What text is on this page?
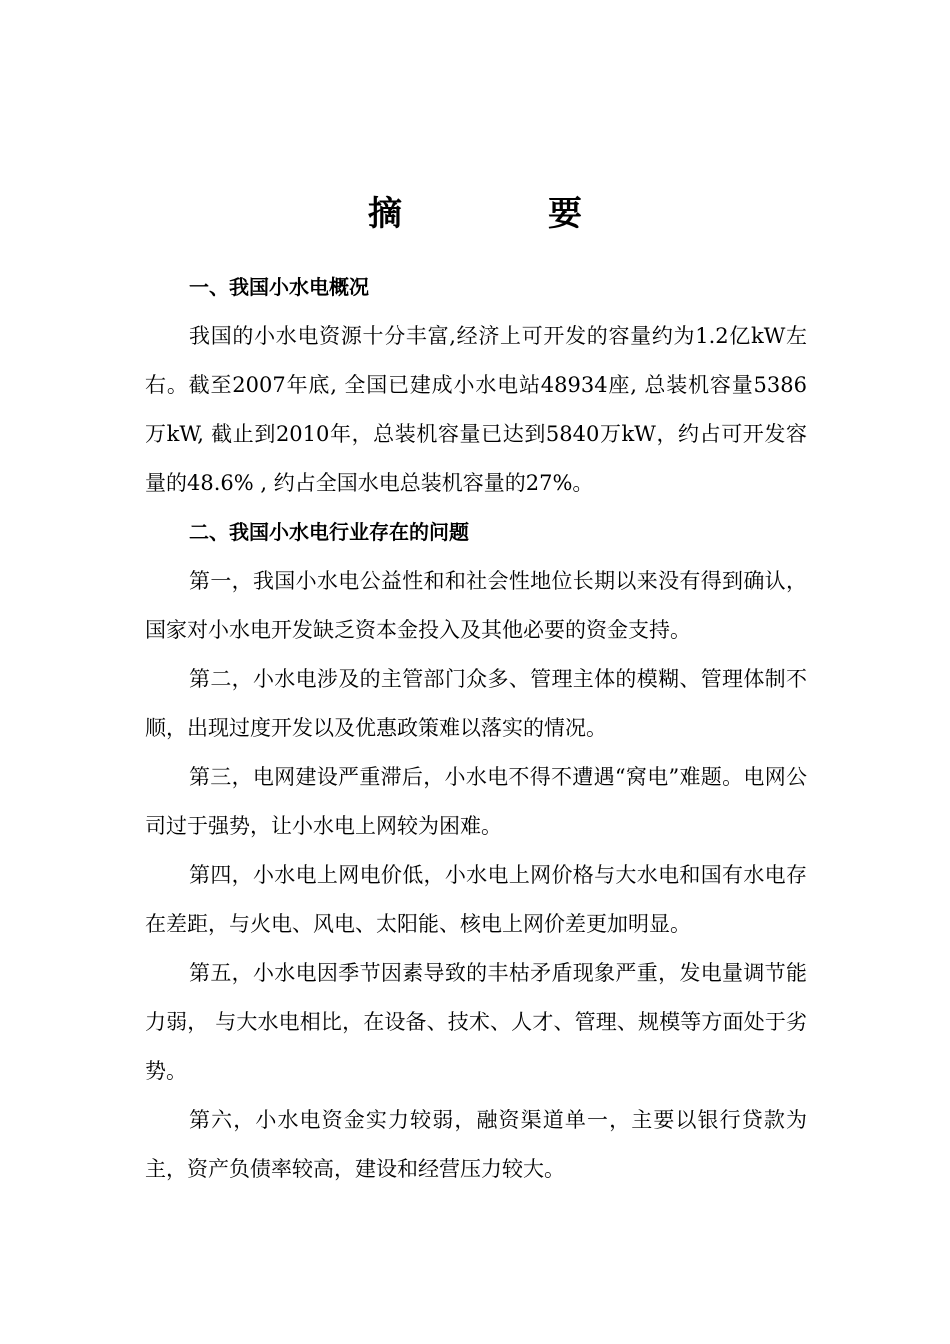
摘　要

一、我国小水电概况

我国的小水电资源十分丰富,经济上可开发的容量约为1.2亿kW左右。截至2007年底, 全国已建成小水电站48934座, 总装机容量5386万kW, 截止到2010年，总装机容量已达到5840万kW，约占可开发容量的48.6% , 约占全国水电总装机容量的27%。

二、我国小水电行业存在的问题

第一，我国小水电公益性和和社会性地位长期以来没有得到确认，国家对小水电开发缺乏资本金投入及其他必要的资金支持。

第二，小水电涉及的主管部门众多、管理主体的模糊、管理体制不顺，出现过度开发以及优惠政策难以落实的情况。

第三，电网建设严重滞后，小水电不得不遭遇“窝电”难题。电网公司过于强势，让小水电上网较为困难。

第四，小水电上网电价低，小水电上网价格与大水电和国有水电存在差距，与火电、风电、太阳能、核电上网价差更加明显。

第五，小水电因季节因素导致的丰枯矛盾现象严重，发电量调节能力弱， 与大水电相比，在设备、技术、人才、管理、规模等方面处于劣势。

第六，小水电资金实力较弱，融资渠道单一，主要以银行贷款为主，资产负债率较高，建设和经营压力较大。
